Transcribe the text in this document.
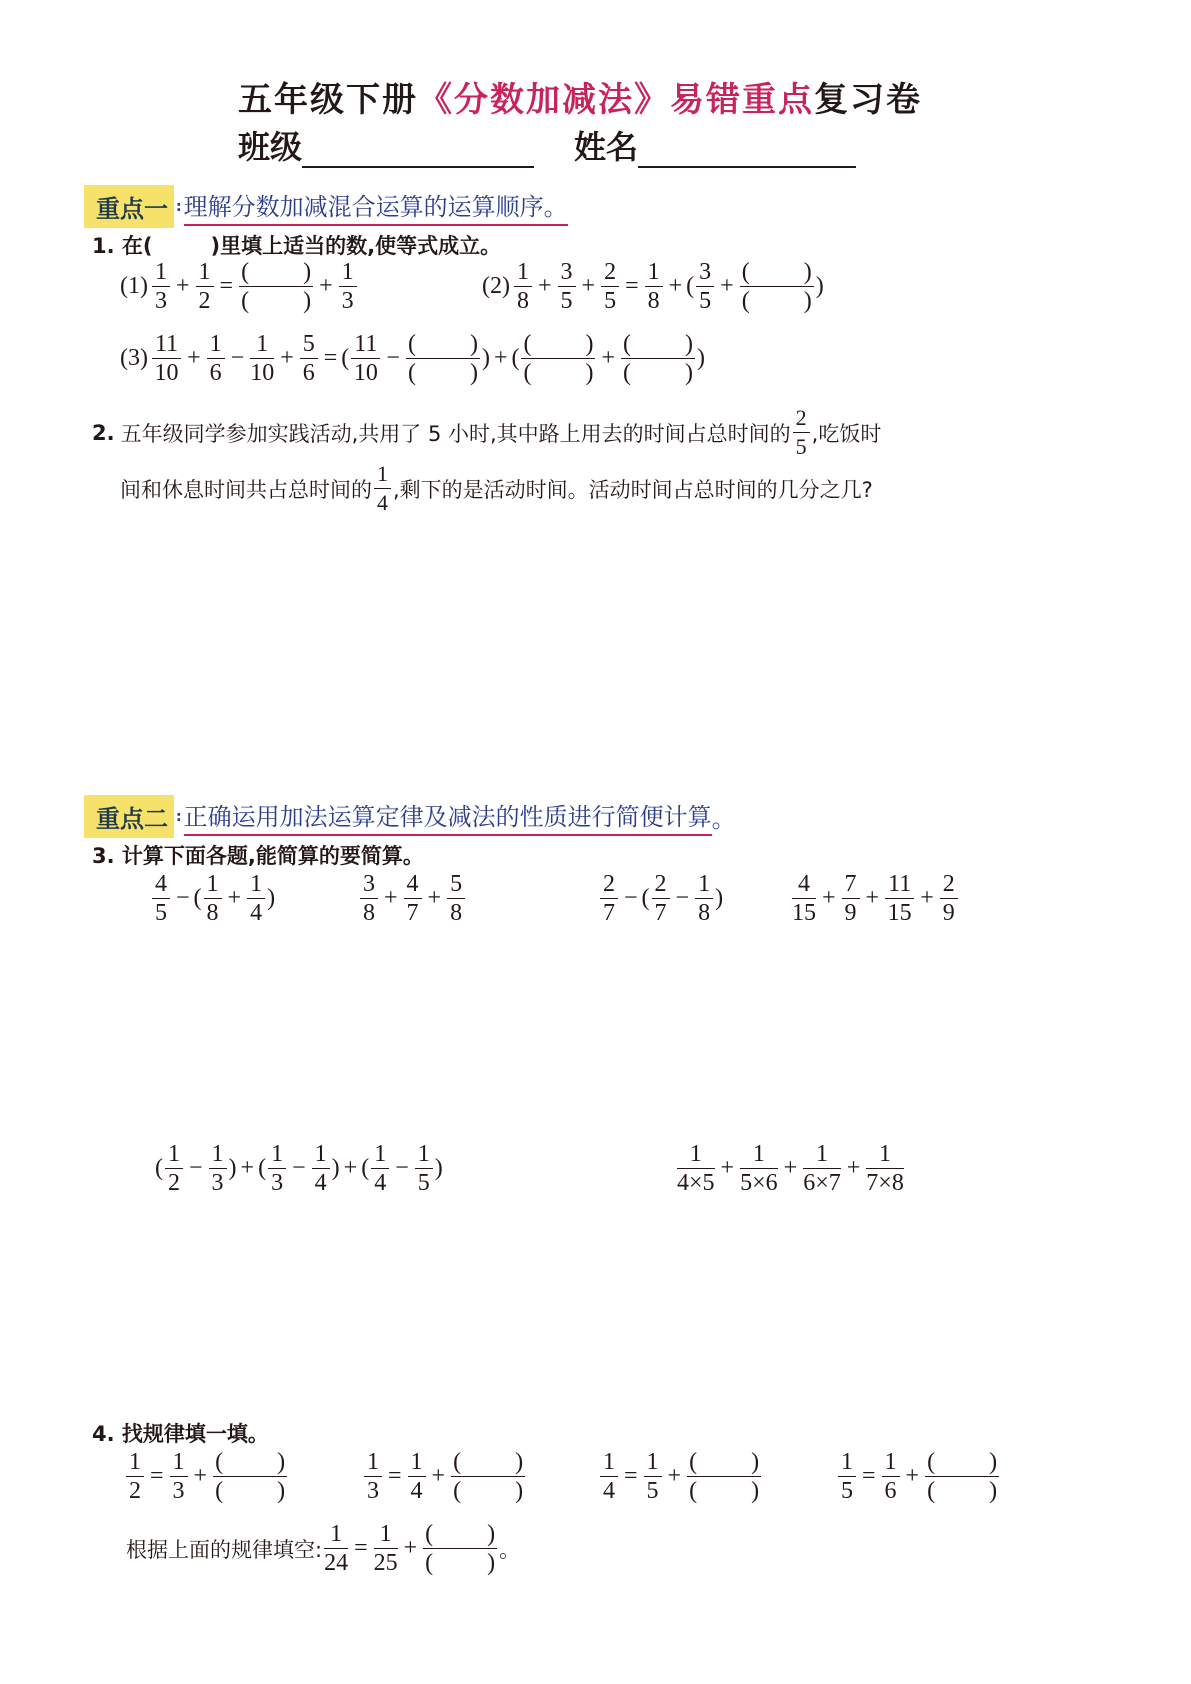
五年级下册《分数加减法》易错重点复习卷
班级	姓名
重点一 : 理解分数加减混合运算的运算顺序。
1. 在(	)里填上适当的数,使等式成立。
$(1) \frac{1}{3} + \frac{1}{2} = \frac{( )}{( )} + \frac{1}{3}$	$(2) \frac{1}{8} + \frac{3}{5} + \frac{2}{5} = \frac{1}{8}$ + ( $\frac{3}{5} + \frac{( )}{( )}$ )
$(3) \frac{11}{10} + \frac{1}{6} - \frac{1}{10} + \frac{5}{6}$ = ( $\frac{11}{10} - \frac{( )}{( )}$ ) + ( $\frac{( )}{( )} + \frac{( )}{( )}$ )
2. 五年级同学参加实践活动,共用了 5 小时,其中路上用去的时间占总时间的 $\frac{2}{5}$ ,吃饭时
间和休息时间共占总时间的 $\frac{1}{4}$ ,剩下的是活动时间。活动时间占总时间的几分之几?
重点二 : 正确运用加法运算定律及减法的性质进行简便计算 。
3. 计算下面各题,能简算的要简算。
$\frac{4}{5}$ − ( $\frac{1}{8} + \frac{1}{4}$ )	$\frac{3}{8} + \frac{4}{7} + \frac{5}{8}$	$\frac{2}{7}$ − ( $\frac{2}{7} - \frac{1}{8}$ )	$\frac{4}{15} + \frac{7}{9} + \frac{11}{15} + \frac{2}{9}$
( $\frac{1}{2} - \frac{1}{3}$ ) + ( $\frac{1}{3} - \frac{1}{4}$ ) + ( $\frac{1}{4} - \frac{1}{5}$ )	$\frac{1}{4\times 5} + \frac{1}{5\times 6} + \frac{1}{6\times 7} + \frac{1}{7\times 8}$
4. 找规律填一填。
$\frac{1}{2} = \frac{1}{3} + \frac{( )}{( )}$	$\frac{1}{3} = \frac{1}{4} + \frac{( )}{( )}$	$\frac{1}{4} = \frac{1}{5} + \frac{( )}{( )}$	$\frac{1}{5} = \frac{1}{6} + \frac{( )}{( )}$
根据上面的规律填空: $\frac{1}{24} = \frac{1}{25} + \frac{( )}{( )}$ 。
